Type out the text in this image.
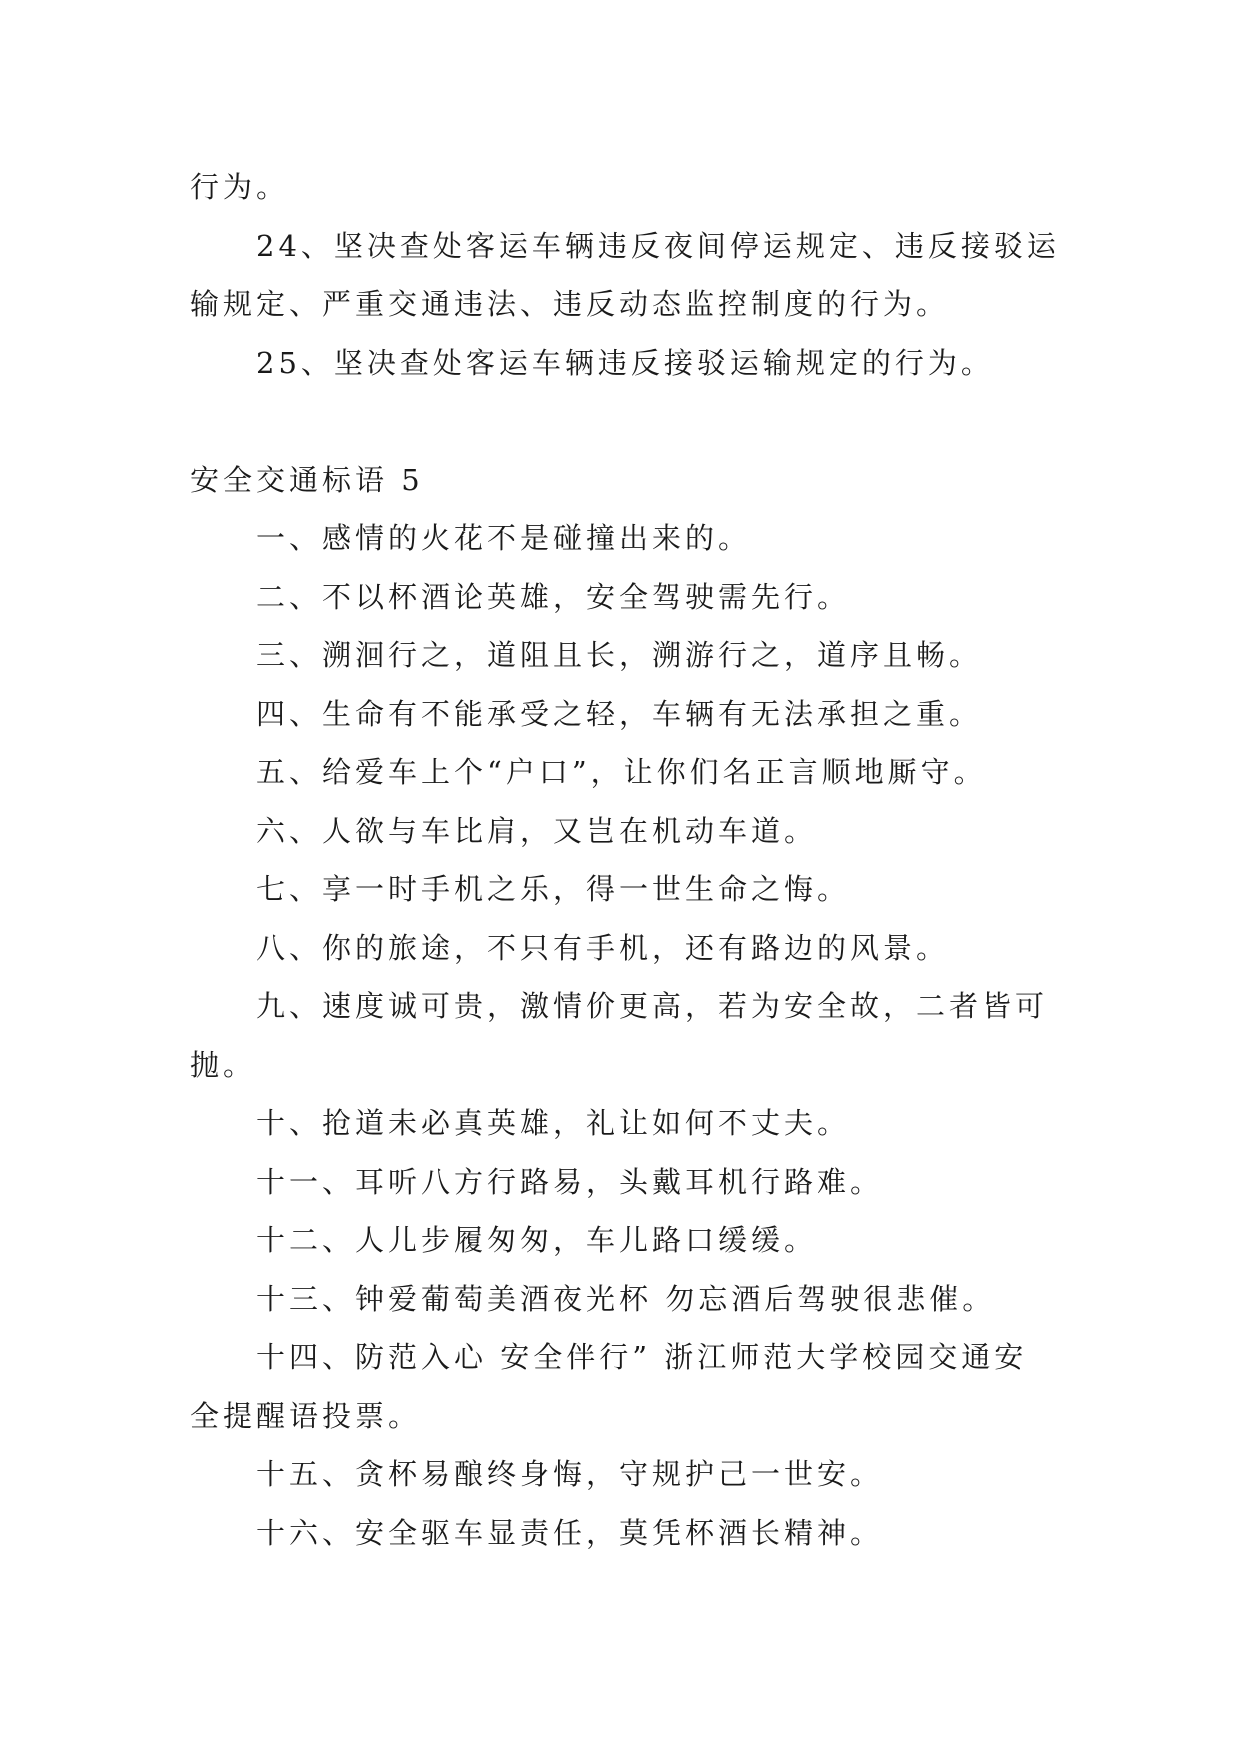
行为。

24、坚决查处客运车辆违反夜间停运规定、违反接驳运

输规定、严重交通违法、违反动态监控制度的行为。

25、坚决查处客运车辆违反接驳运输规定的行为。

安全交通标语 5

一、感情的火花不是碰撞出来的。

二、不以杯酒论英雄，安全驾驶需先行。

三、溯洄行之，道阻且长，溯游行之，道序且畅。

四、生命有不能承受之轻，车辆有无法承担之重。

五、给爱车上个“户口”，让你们名正言顺地厮守。

六、人欲与车比肩，又岂在机动车道。

七、享一时手机之乐，得一世生命之悔。

八、你的旅途，不只有手机，还有路边的风景。

九、速度诚可贵，激情价更高，若为安全故，二者皆可

抛。

十、抢道未必真英雄，礼让如何不丈夫。

十一、耳听八方行路易，头戴耳机行路难。

十二、人儿步履匆匆，车儿路口缓缓。

十三、钟爱葡萄美酒夜光杯 勿忘酒后驾驶很悲催。

十四、防范入心 安全伴行” 浙江师范大学校园交通安

全提醒语投票。

十五、贪杯易酿终身悔，守规护己一世安。

十六、安全驱车显责任，莫凭杯酒长精神。
